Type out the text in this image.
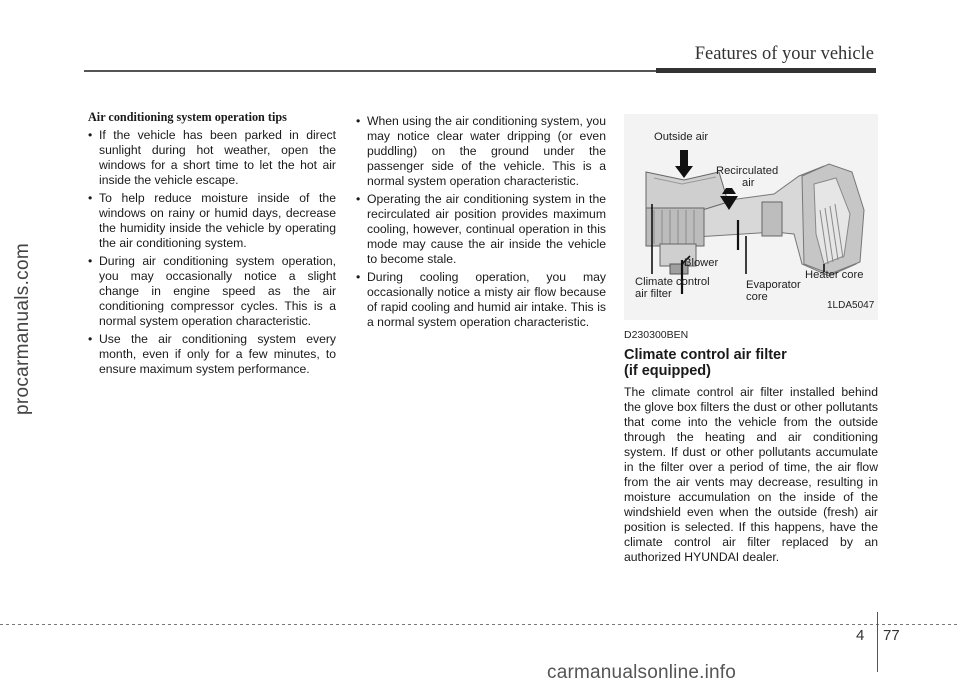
Features of your vehicle
procarmanuals.com
Air conditioning system operation tips
• If the vehicle has been parked in direct sunlight during hot weather, open the windows for a short time to let the hot air inside the vehicle escape.
• To help reduce moisture inside of the windows on rainy or humid days, decrease the humidity inside the vehicle by operating the air conditioning system.
• During air conditioning system operation, you may occasionally notice a slight change in engine speed as the air conditioning compressor cycles. This is a normal system operation characteristic.
• Use the air conditioning system every month, even if only for a few minutes, to ensure maximum system performance.
• When using the air conditioning system, you may notice clear water dripping (or even puddling) on the ground under the passenger side of the vehicle. This is a normal system operation characteristic.
• Operating the air conditioning system in the recirculated air position provides maximum cooling, however, continual operation in this mode may cause the air inside the vehicle to become stale.
• During cooling operation, you may occasionally notice a misty air flow because of rapid cooling and humid air intake. This is a normal system operation characteristic.
Outside air
Recirculated
air
Blower
Climate control
air filter
Evaporator
core
Heater core
1LDA5047
D230300BEN
Climate control air filter
(if equipped)
The climate control air filter installed behind the glove box filters the dust or other pollutants that come into the vehicle from the outside through the heating and air conditioning system. If dust or other pollutants accumulate in the filter over a period of time, the air flow from the air vents may decrease, resulting in moisture accumulation on the inside of the windshield even when the outside (fresh) air position is selected. If this happens, have the climate control air filter replaced by an authorized HYUNDAI dealer.
4 77
carmanualsonline.info
